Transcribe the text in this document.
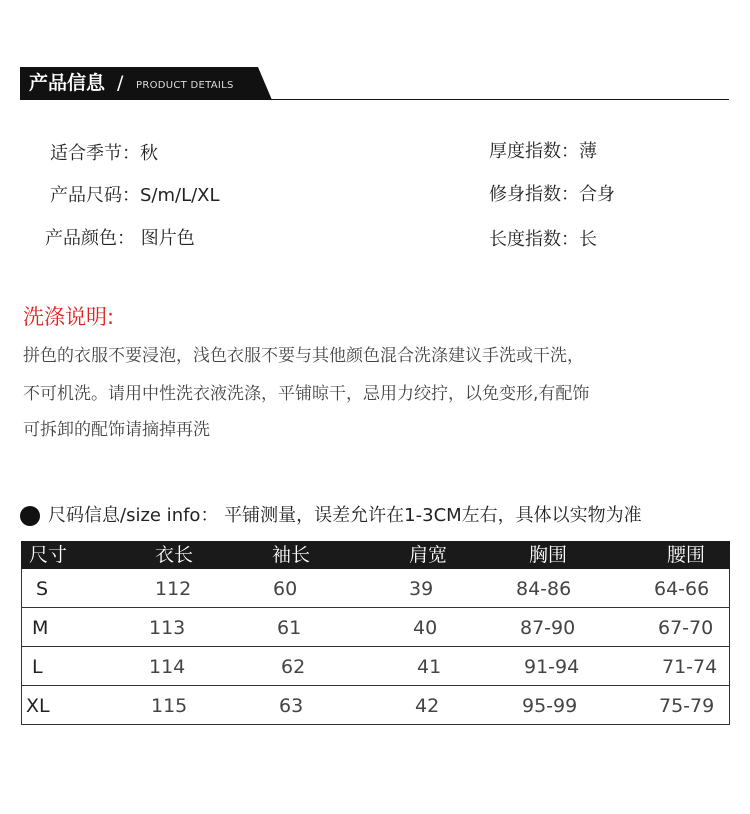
产品信息 / PRODUCT DETAILS
适合季节：秋
产品尺码：S/m/L/XL
产品颜色： 图片色
厚度指数：薄
修身指数：合身
长度指数：长
洗涤说明:
拼色的衣服不要浸泡，浅色衣服不要与其他颜色混合洗涤建议手洗或干洗，
不可机洗。请用中性洗衣液洗涤，平铺晾干，忌用力绞拧，以免变形,有配饰
可拆卸的配饰请摘掉再洗
尺码信息/size info： 平铺测量，误差允许在1-3CM左右，具体以实物为准
尺寸	衣长	袖长	肩宽	胸围	腰围
S	112	60	39	84-86	64-66
M	113	61	40	87-90	67-70
L	114	62	41	91-94	71-74
XL	115	63	42	95-99	75-79
